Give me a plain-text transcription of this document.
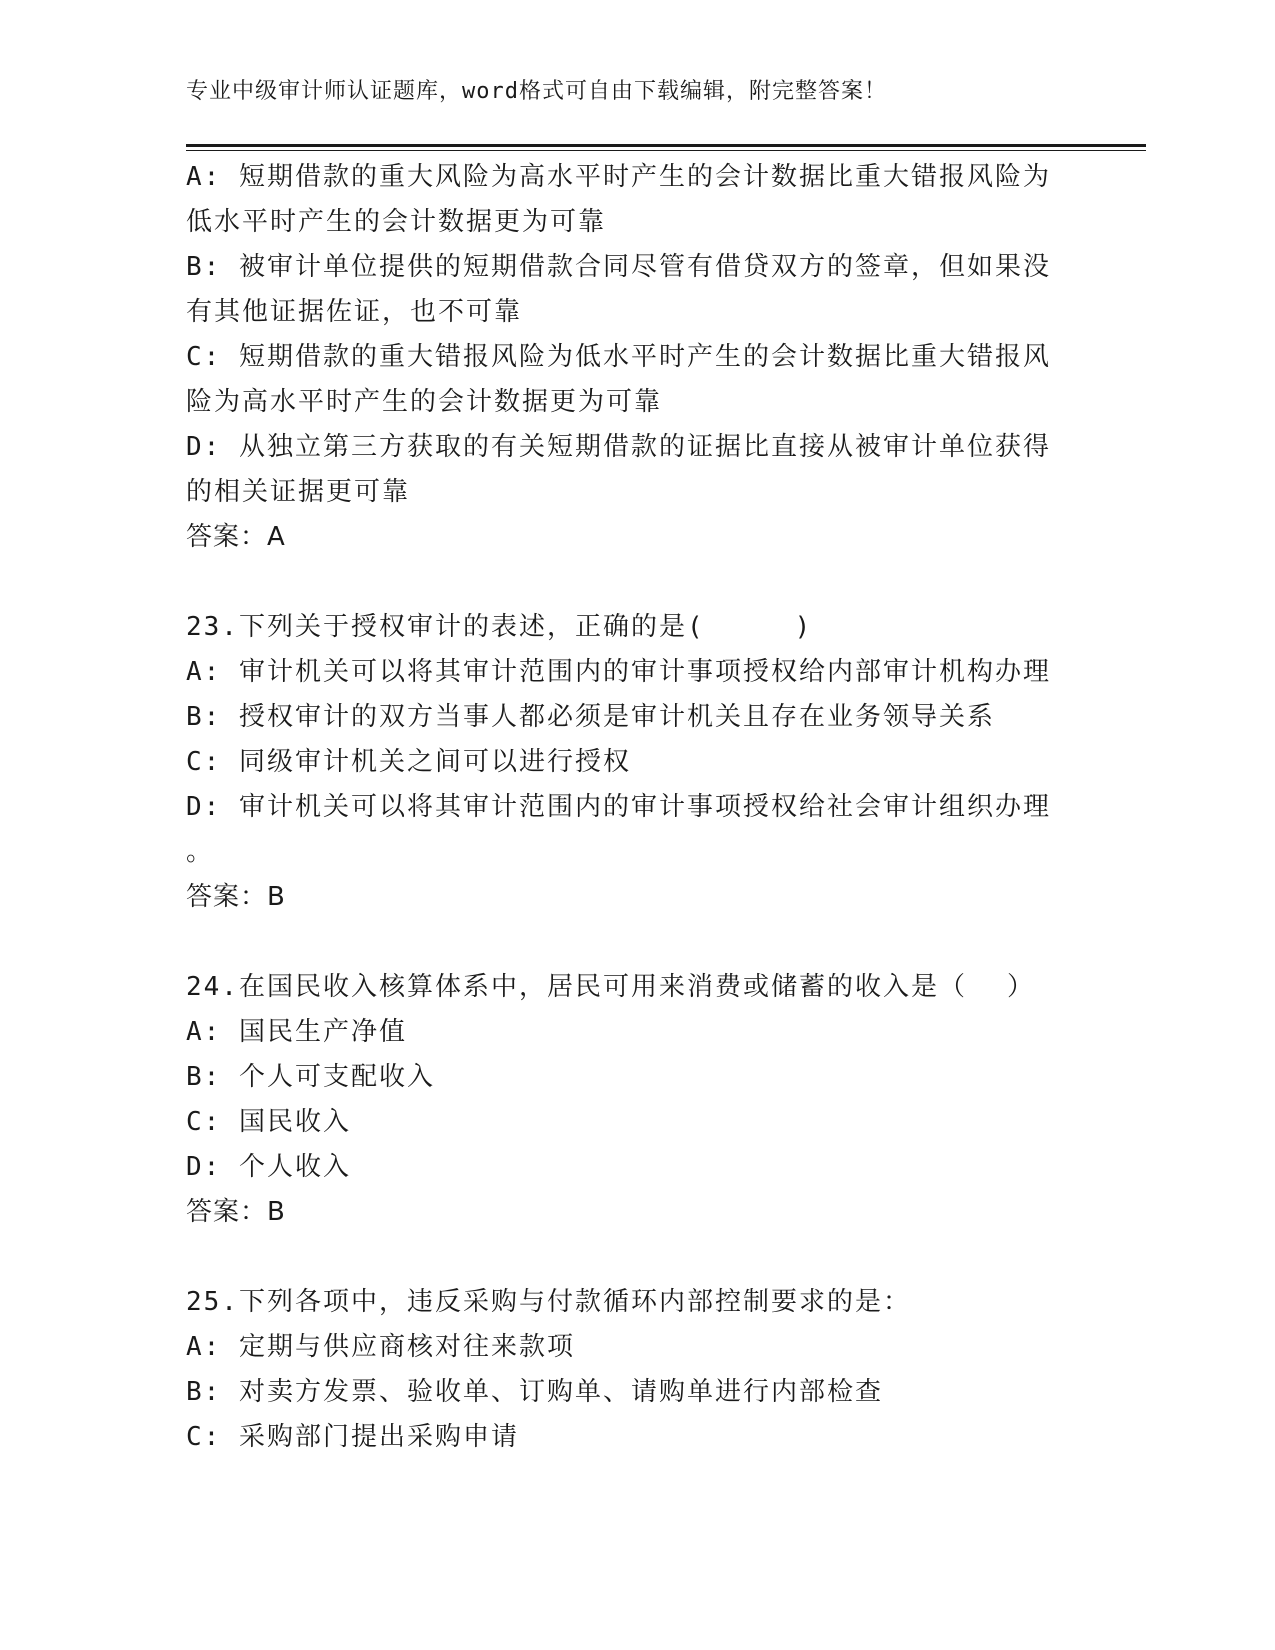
专业中级审计师认证题库，word格式可自由下载编辑，附完整答案！
A: 短期借款的重大风险为高水平时产生的会计数据比重大错报风险为
低水平时产生的会计数据更为可靠
B: 被审计单位提供的短期借款合同尽管有借贷双方的签章，但如果没
有其他证据佐证，也不可靠
C: 短期借款的重大错报风险为低水平时产生的会计数据比重大错报风
险为高水平时产生的会计数据更为可靠
D: 从独立第三方获取的有关短期借款的证据比直接从被审计单位获得
的相关证据更可靠
答案：A
23.下列关于授权审计的表述，正确的是(	)
A: 审计机关可以将其审计范围内的审计事项授权给内部审计机构办理
B: 授权审计的双方当事人都必须是审计机关且存在业务领导关系
C: 同级审计机关之间可以进行授权
D: 审计机关可以将其审计范围内的审计事项授权给社会审计组织办理
。
答案：B
24.在国民收入核算体系中，居民可用来消费或储蓄的收入是（ ）
A: 国民生产净值
B: 个人可支配收入
C: 国民收入
D: 个人收入
答案：B
25.下列各项中，违反采购与付款循环内部控制要求的是：
A: 定期与供应商核对往来款项
B: 对卖方发票、验收单、订购单、请购单进行内部检查
C: 采购部门提出采购申请
